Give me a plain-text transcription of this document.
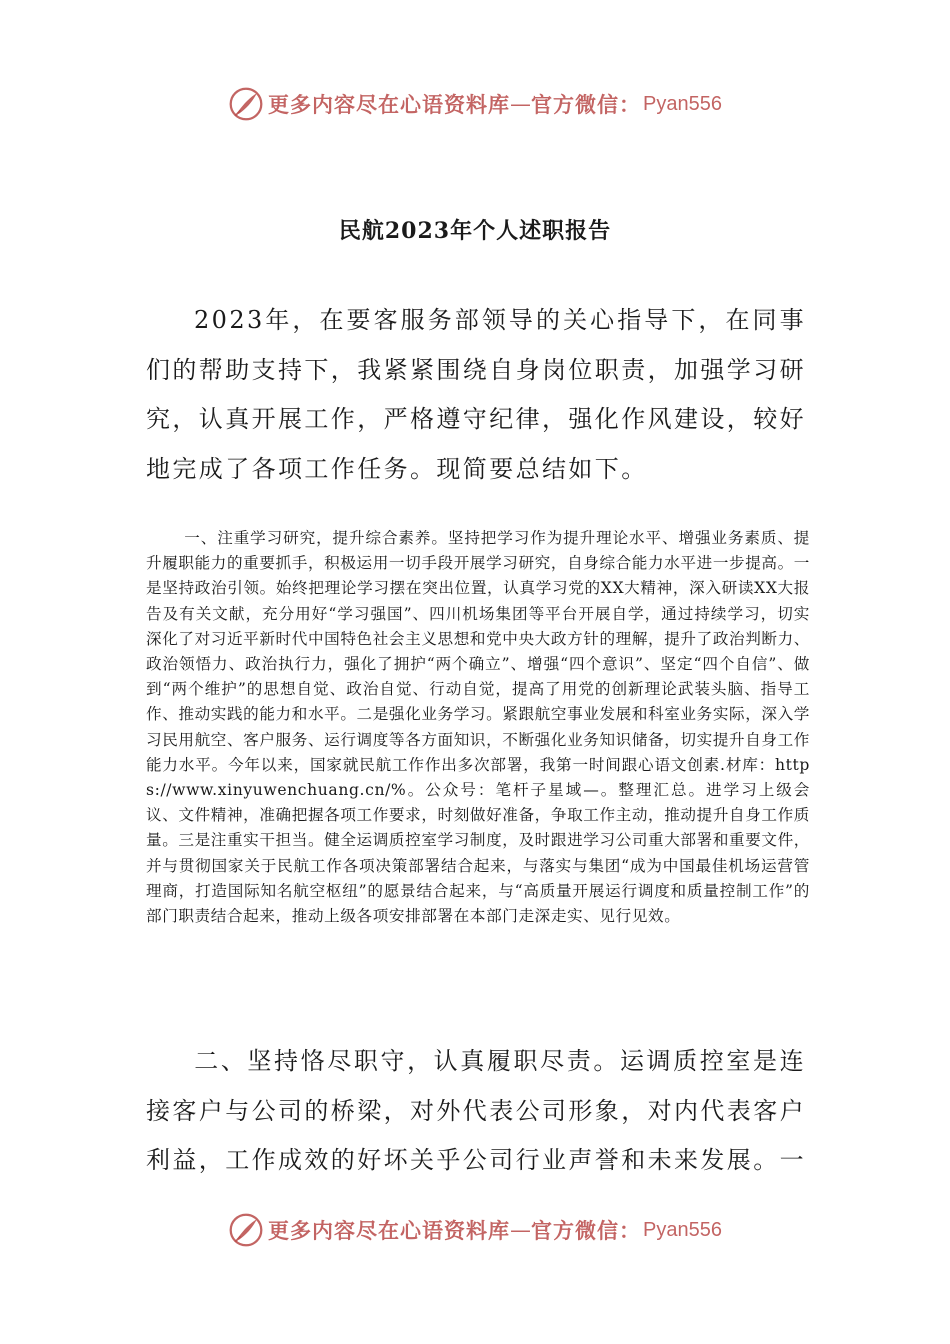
更多内容尽在心语资料库 — 官方微信： Pyan556
民航2023年个人述职报告

2023年，在要客服务部领导的关心指导下，在同事们的帮助支持下，我紧紧围绕自身岗位职责，加强学习研究，认真开展工作，严格遵守纪律，强化作风建设，较好地完成了各项工作任务。现简要总结如下。

一、注重学习研究，提升综合素养。坚持把学习作为提升理论水平、增强业务素质、提升履职能力的重要抓手，积极运用一切手段开展学习研究，自身综合能力水平进一步提高。一是坚持政治引领。始终把理论学习摆在突出位置，认真学习党的XX大精神，深入研读XX大报告及有关文献，充分用好“学习强国”、四川机场集团等平台开展自学，通过持续学习，切实深化了对习近平新时代中国特色社会主义思想和党中央大政方针的理解，提升了政治判断力、政治领悟力、政治执行力，强化了拥护“两个确立”、增强“四个意识”、坚定“四个自信”、做到“两个维护”的思想自觉、政治自觉、行动自觉，提高了用党的创新理论武装头脑、指导工作、推动实践的能力和水平。二是强化业务学习。紧跟航空事业发展和科室业务实际，深入学习民用航空、客户服务、运行调度等各方面知识，不断强化业务知识储备，切实提升自身工作能力水平。今年以来，国家就民航工作作出多次部署，我第一时间跟心语文创素.材库：https://www.xinyuwenchuang.cn/%。公众号：笔杆子星域—。整理汇总。进学习上级会议、文件精神，准确把握各项工作要求，时刻做好准备，争取工作主动，推动提升自身工作质量。三是注重实干担当。健全运调质控室学习制度，及时跟进学习公司重大部署和重要文件，并与贯彻国家关于民航工作各项决策部署结合起来，与落实与集团“成为中国最佳机场运营管理商，打造国际知名航空枢纽”的愿景结合起来，与“高质量开展运行调度和质量控制工作”的部门职责结合起来，推动上级各项安排部署在本部门走深走实、见行见效。

二、坚持恪尽职守，认真履职尽责。运调质控室是连接客户与公司的桥梁，对外代表公司形象，对内代表客户利益，工作成效的好坏关乎公司行业声誉和未来发展。一

更多内容尽在心语资料库 — 官方微信： Pyan556
